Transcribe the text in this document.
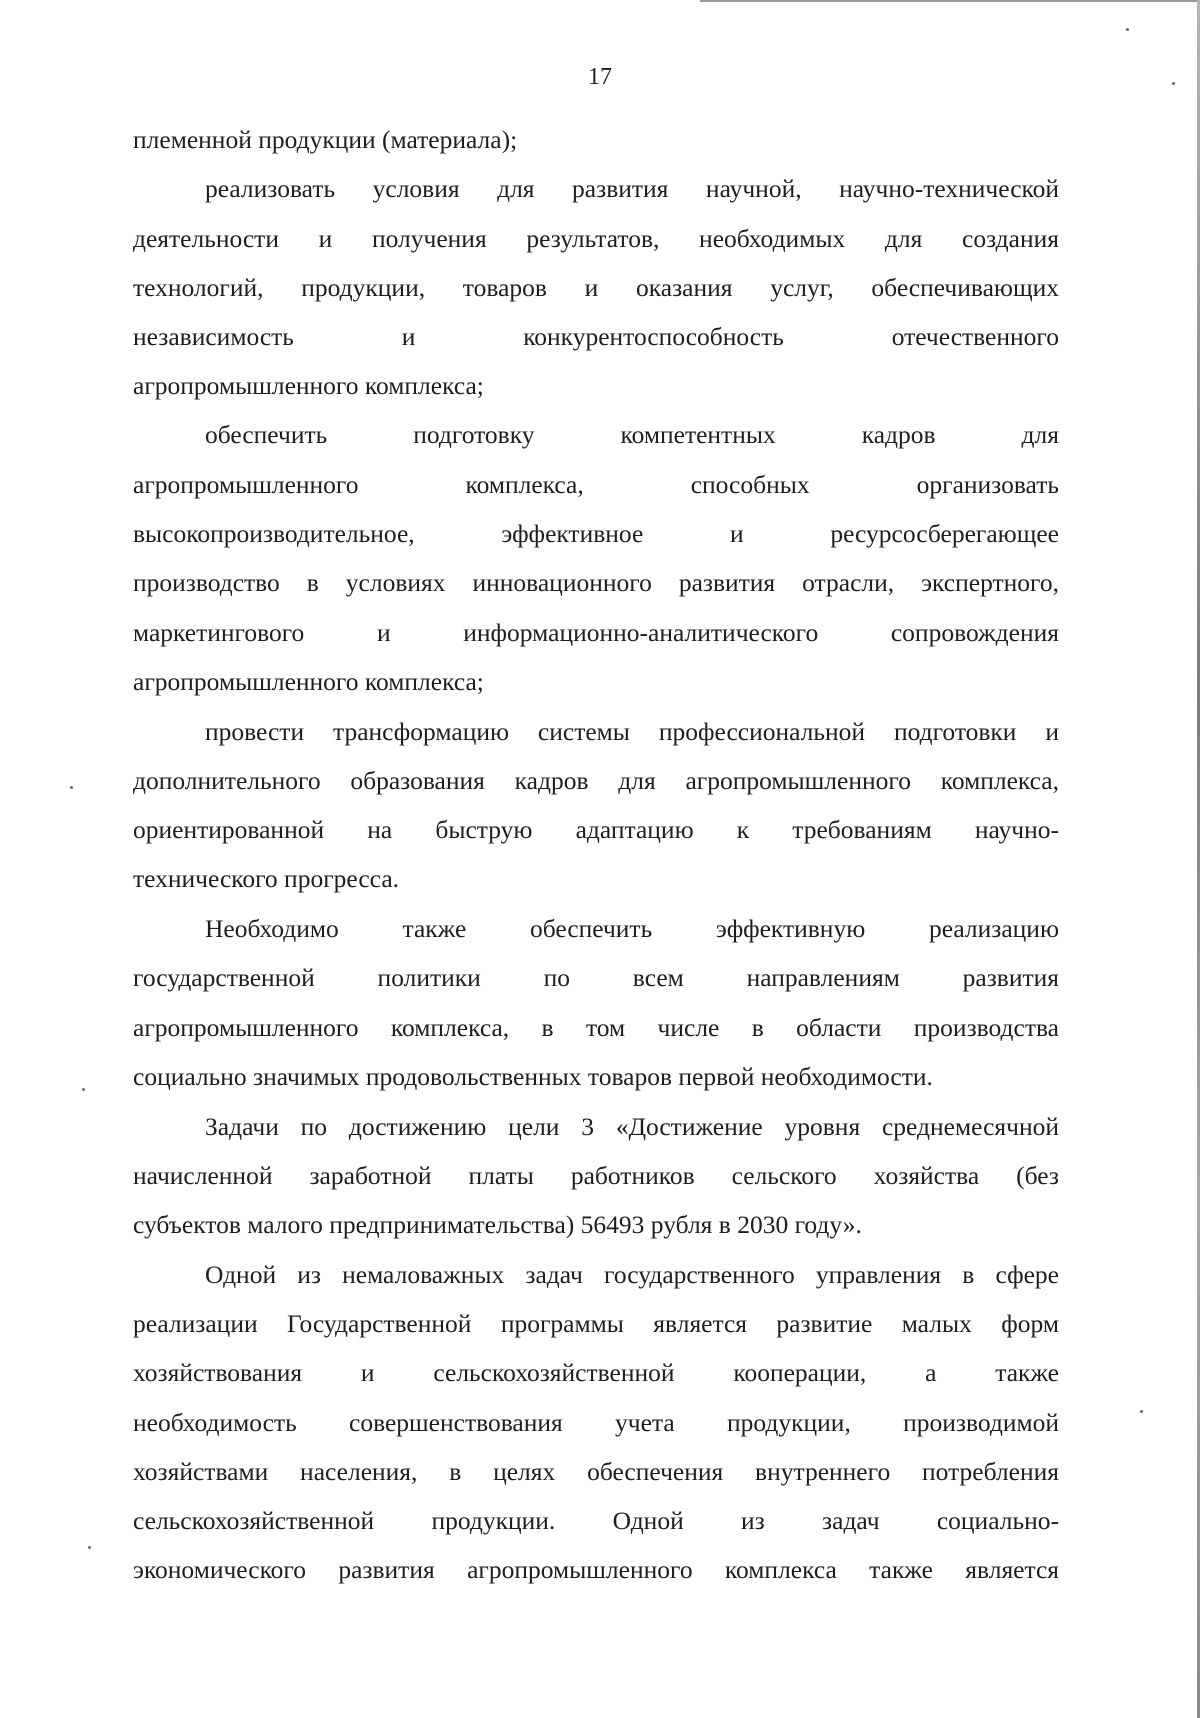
17
племенной продукции (материала);
реализовать условия для развития научной, научно-технической
деятельности и получения результатов, необходимых для создания
технологий, продукции, товаров и оказания услуг, обеспечивающих
независимость и конкурентоспособность отечественного
агропромышленного комплекса;
обеспечить подготовку компетентных кадров для
агропромышленного комплекса, способных организовать
высокопроизводительное, эффективное и ресурсосберегающее
производство в условиях инновационного развития отрасли, экспертного,
маркетингового и информационно-аналитического сопровождения
агропромышленного комплекса;
провести трансформацию системы профессиональной подготовки и
дополнительного образования кадров для агропромышленного комплекса,
ориентированной на быструю адаптацию к требованиям научно-
технического прогресса.
Необходимо также обеспечить эффективную реализацию
государственной политики по всем направлениям развития
агропромышленного комплекса, в том числе в области производства
социально значимых продовольственных товаров первой необходимости.
Задачи по достижению цели 3 «Достижение уровня среднемесячной
начисленной заработной платы работников сельского хозяйства (без
субъектов малого предпринимательства) 56493 рубля в 2030 году».
Одной из немаловажных задач государственного управления в сфере
реализации Государственной программы является развитие малых форм
хозяйствования и сельскохозяйственной кооперации, а также
необходимость совершенствования учета продукции, производимой
хозяйствами населения, в целях обеспечения внутреннего потребления
сельскохозяйственной продукции. Одной из задач социально-
экономического развития агропромышленного комплекса также является
